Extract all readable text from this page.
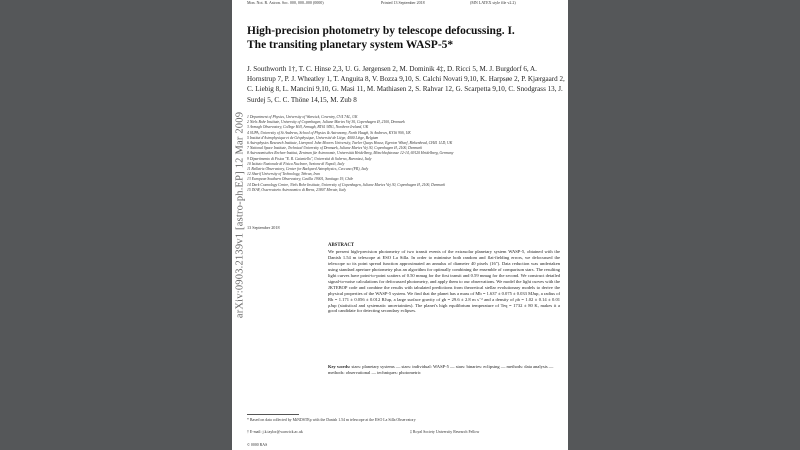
Mon. Not. R. Astron. Soc. 000, 000–000 (0000)	Printed 13 September 2018	(MN LATEX style file v2.2)
arXiv:0903.2139v1 [astro-ph.EP] 12 Mar 2009
High-precision photometry by telescope defocussing. I.
The transiting planetary system WASP-5*
J. Southworth 1†, T. C. Hinse 2,3, U. G. Jørgensen 2, M. Dominik 4‡, D. Ricci 5, M. J. Burgdorf 6, A. Hornstrup 7, P. J. Wheatley 1, T. Anguita 8, V. Bozza 9,10, S. Calchi Novati 9,10, K. Harpsøe 2, P. Kjærgaard 2, C. Liebig 8, L. Mancini 9,10, G. Masi 11, M. Mathiasen 2, S. Rahvar 12, G. Scarpetta 9,10, C. Snodgrass 13, J. Surdej 5, C. C. Thöne 14,15, M. Zub 8
1 Department of Physics, University of Warwick, Coventry, CV4 7AL, UK
2 Niels Bohr Institute, University of Copenhagen, Juliane Maries Vej 30, Copenhagen Ø, 2100, Denmark
3 Armagh Observatory, College Hill, Armagh, BT61 9DG, Northern Ireland, UK
4 SUPA, University of St Andrews, School of Physics & Astronomy, North Haugh, St Andrews, KY16 9SS, UK
5 Institut d'Astrophysique et de Géophysique, Université de Liège, 4000 Liège, Belgium
6 Astrophysics Research Institute, Liverpool John Moores University, Twelve Quays House, Egerton Wharf, Birkenhead, CH41 1LD, UK
7 National Space Institute, Technical University of Denmark, Juliane Maries Vej 30, Copenhagen Ø, 2100, Denmark
8 Astronomisches Rechen-Institut, Zentrum für Astronomie, Universität Heidelberg, Mönchhofstrasse 12-14, 69120 Heidelberg, Germany
9 Dipartimento di Fisica "E. R. Caianiello", Università di Salerno, Baronissi, Italy
10 Istituto Nazionale di Fisica Nucleare, Sezione di Napoli, Italy
11 Bellatrix Observatory, Center for Backyard Astrophysics, Ceccano (FR), Italy
12 Sharif University of Technology, Tehran, Iran
13 European Southern Observatory, Casilla 19001, Santiago 19, Chile
14 Dark Cosmology Centre, Niels Bohr Institute, University of Copenhagen, Juliane Maries Vej 30, Copenhagen Ø, 2100, Denmark
15 INAF, Osservatorio Astronomico di Brera, 23807 Merate, Italy
13 September 2018
ABSTRACT
We present high-precision photometry of two transit events of the extrasolar planetary system WASP-5, obtained with the Danish 1.54 m telescope at ESO La Silla. In order to minimise both random and flat-fielding errors, we defocussed the telescope so its point spread function approximated an annulus of diameter 40 pixels (16″). Data reduction was undertaken using standard aperture photometry plus an algorithm for optimally combining the ensemble of comparison stars. The resulting light curves have point-to-point scatters of 0.50 mmag for the first transit and 0.59 mmag for the second. We construct detailed signal-to-noise calculations for defocussed photometry, and apply them to our observations. We model the light curves with the JKTEBOP code and combine the results with tabulated predictions from theoretical stellar evolutionary models to derive the physical properties of the WASP-5 system. We find that the planet has a mass of Mb = 1.637 ± 0.075 ± 0.033 MJup, a radius of Rb = 1.171 ± 0.056 ± 0.012 RJup, a large surface gravity of gb = 29.6 ± 2.8 m s⁻² and a density of ρb = 1.02 ± 0.14 ± 0.01 ρJup (statistical and systematic uncertainties). The planet's high equilibrium temperature of Teq = 1732 ± 80 K, makes it a good candidate for detecting secondary eclipses.
Key words: stars: planetary systems — stars: individual: WASP-5 — stars: binaries: eclipsing — methods: data analysis — methods: observational — techniques: photometric
* Based on data collected by MiNDSTEp with the Danish 1.54 m telescope at the ESO La Silla Observatory
† E-mail: j.k.taylor@warwick.ac.uk	‡ Royal Society University Research Fellow
© 0000 RAS
